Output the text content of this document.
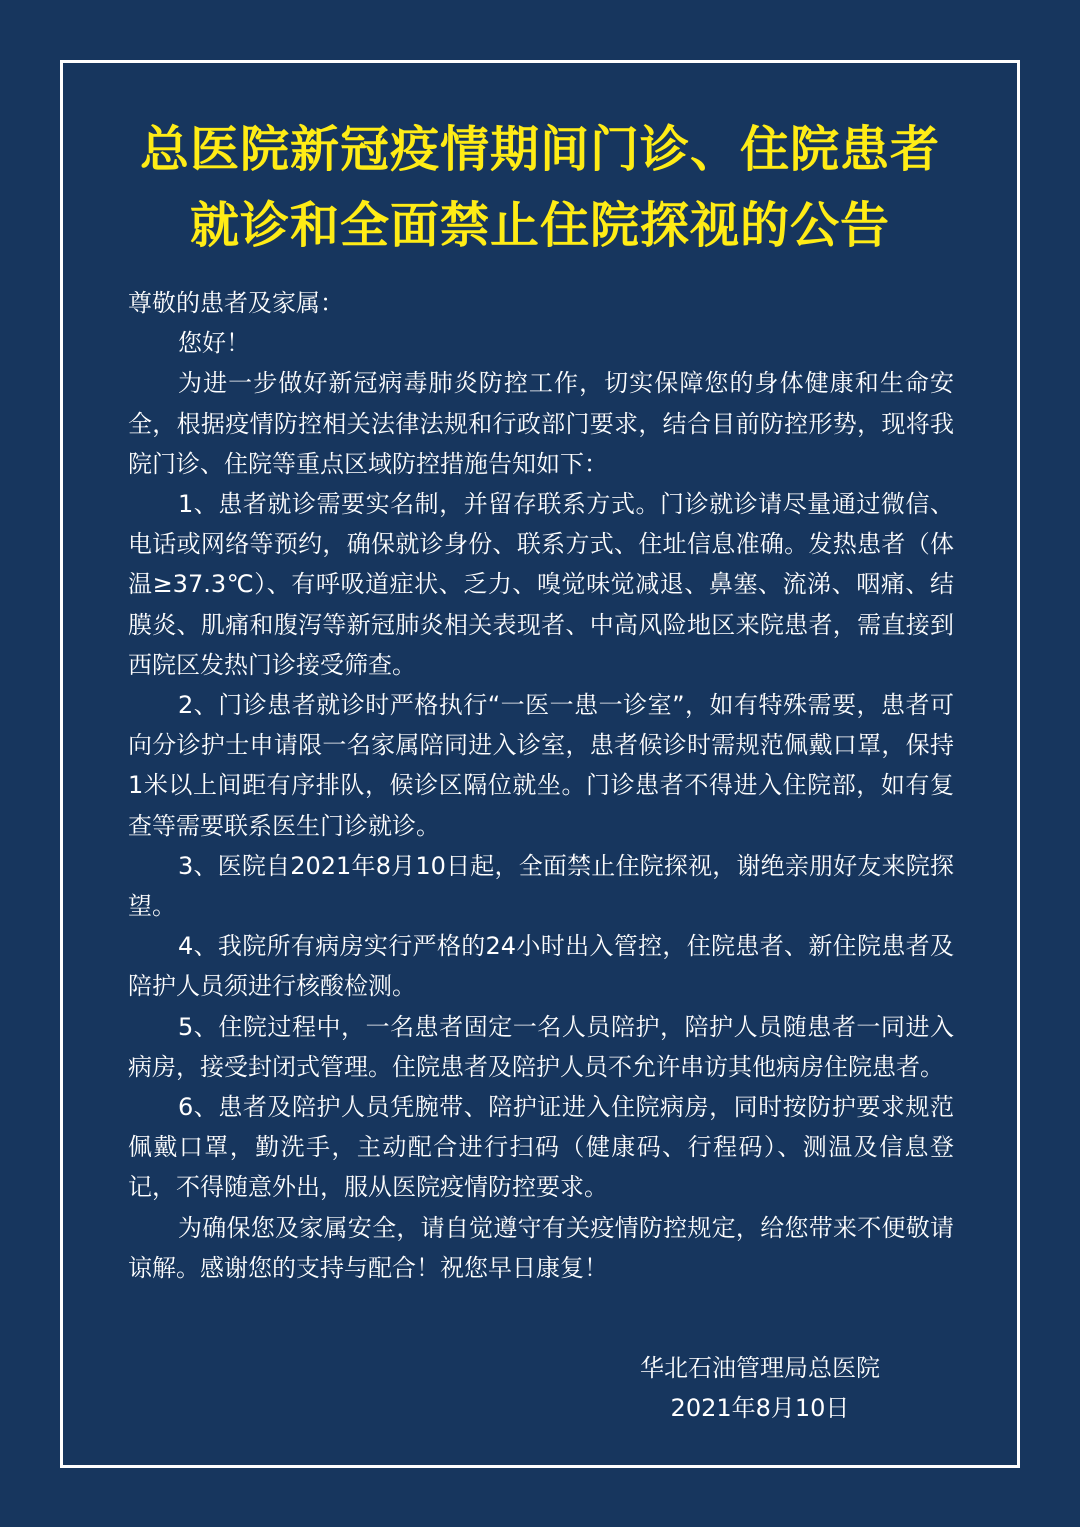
总医院新冠疫情期间门诊、住院患者
就诊和全面禁止住院探视的公告

尊敬的患者及家属：

您好！

为进一步做好新冠病毒肺炎防控工作，切实保障您的身体健康和生命安全，根据疫情防控相关法律法规和行政部门要求，结合目前防控形势，现将我院门诊、住院等重点区域防控措施告知如下：

1、患者就诊需要实名制，并留存联系方式。门诊就诊请尽量通过微信、电话或网络等预约，确保就诊身份、联系方式、住址信息准确。发热患者（体温≥37.3℃）、有呼吸道症状、乏力、嗅觉味觉减退、鼻塞、流涕、咽痛、结膜炎、肌痛和腹泻等新冠肺炎相关表现者、中高风险地区来院患者，需直接到西院区发热门诊接受筛查。

2、门诊患者就诊时严格执行“一医一患一诊室”，如有特殊需要，患者可向分诊护士申请限一名家属陪同进入诊室，患者候诊时需规范佩戴口罩，保持1米以上间距有序排队，候诊区隔位就坐。门诊患者不得进入住院部，如有复查等需要联系医生门诊就诊。

3、医院自2021年8月10日起，全面禁止住院探视，谢绝亲朋好友来院探望。

4、我院所有病房实行严格的24小时出入管控，住院患者、新住院患者及陪护人员须进行核酸检测。

5、住院过程中，一名患者固定一名人员陪护，陪护人员随患者一同进入病房，接受封闭式管理。住院患者及陪护人员不允许串访其他病房住院患者。

6、患者及陪护人员凭腕带、陪护证进入住院病房，同时按防护要求规范佩戴口罩，勤洗手，主动配合进行扫码（健康码、行程码）、测温及信息登记，不得随意外出，服从医院疫情防控要求。

为确保您及家属安全，请自觉遵守有关疫情防控规定，给您带来不便敬请谅解。感谢您的支持与配合！祝您早日康复！

华北石油管理局总医院
2021年8月10日
